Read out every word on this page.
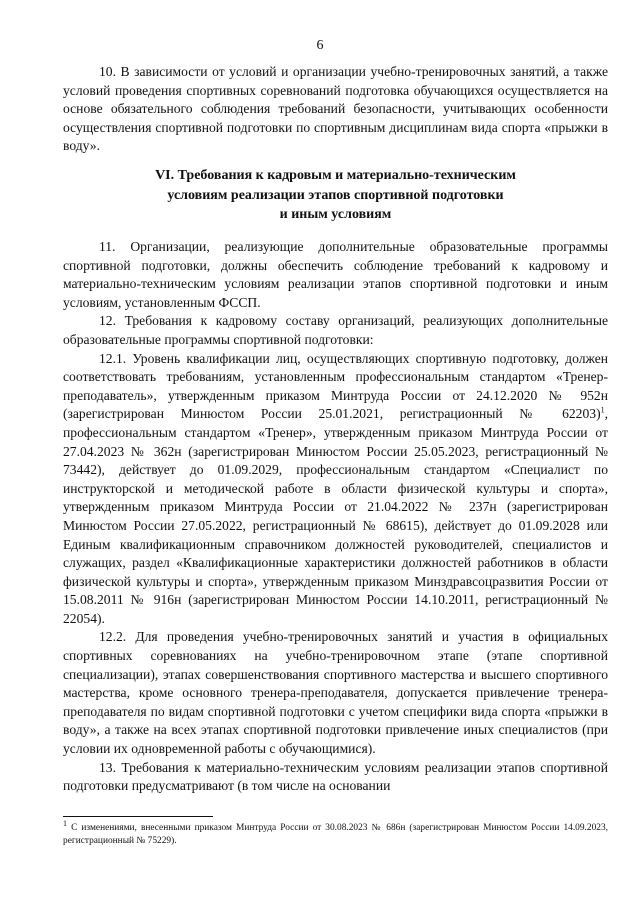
6

10. В зависимости от условий и организации учебно-тренировочных занятий, а также условий проведения спортивных соревнований подготовка обучающихся осуществляется на основе обязательного соблюдения требований безопасности, учитывающих особенности осуществления спортивной подготовки по спортивным дисциплинам вида спорта «прыжки в воду».

VI. Требования к кадровым и материально-техническим
условиям реализации этапов спортивной подготовки
и иным условиям

11. Организации, реализующие дополнительные образовательные программы спортивной подготовки, должны обеспечить соблюдение требований к кадровому и материально-техническим условиям реализации этапов спортивной подготовки и иным условиям, установленным ФССП.

12. Требования к кадровому составу организаций, реализующих дополнительные образовательные программы спортивной подготовки:

12.1. Уровень квалификации лиц, осуществляющих спортивную подготовку, должен соответствовать требованиям, установленным профессиональным стандартом «Тренер-преподаватель», утвержденным приказом Минтруда России от 24.12.2020 № 952н (зарегистрирован Минюстом России 25.01.2021, регистрационный № 62203)$^1$, профессиональным стандартом «Тренер», утвержденным приказом Минтруда России от 27.04.2023 № 362н (зарегистрирован Минюстом России 25.05.2023, регистрационный № 73442), действует до 01.09.2029, профессиональным стандартом «Специалист по инструкторской и методической работе в области физической культуры и спорта», утвержденным приказом Минтруда России от 21.04.2022 № 237н (зарегистрирован Минюстом России 27.05.2022, регистрационный № 68615), действует до 01.09.2028 или Единым квалификационным справочником должностей руководителей, специалистов и служащих, раздел «Квалификационные характеристики должностей работников в области физической культуры и спорта», утвержденным приказом Минздравсоцразвития России от 15.08.2011 № 916н (зарегистрирован Минюстом России 14.10.2011, регистрационный № 22054).

12.2. Для проведения учебно-тренировочных занятий и участия в официальных спортивных соревнованиях на учебно-тренировочном этапе (этапе спортивной специализации), этапах совершенствования спортивного мастерства и высшего спортивного мастерства, кроме основного тренера-преподавателя, допускается привлечение тренера-преподавателя по видам спортивной подготовки с учетом специфики вида спорта «прыжки в воду», а также на всех этапах спортивной подготовки привлечение иных специалистов (при условии их одновременной работы с обучающимися).

13. Требования к материально-техническим условиям реализации этапов спортивной подготовки предусматривают (в том числе на основании

$^1$ С изменениями, внесенными приказом Минтруда России от 30.08.2023 № 686н (зарегистрирован Минюстом России 14.09.2023, регистрационный № 75229).
